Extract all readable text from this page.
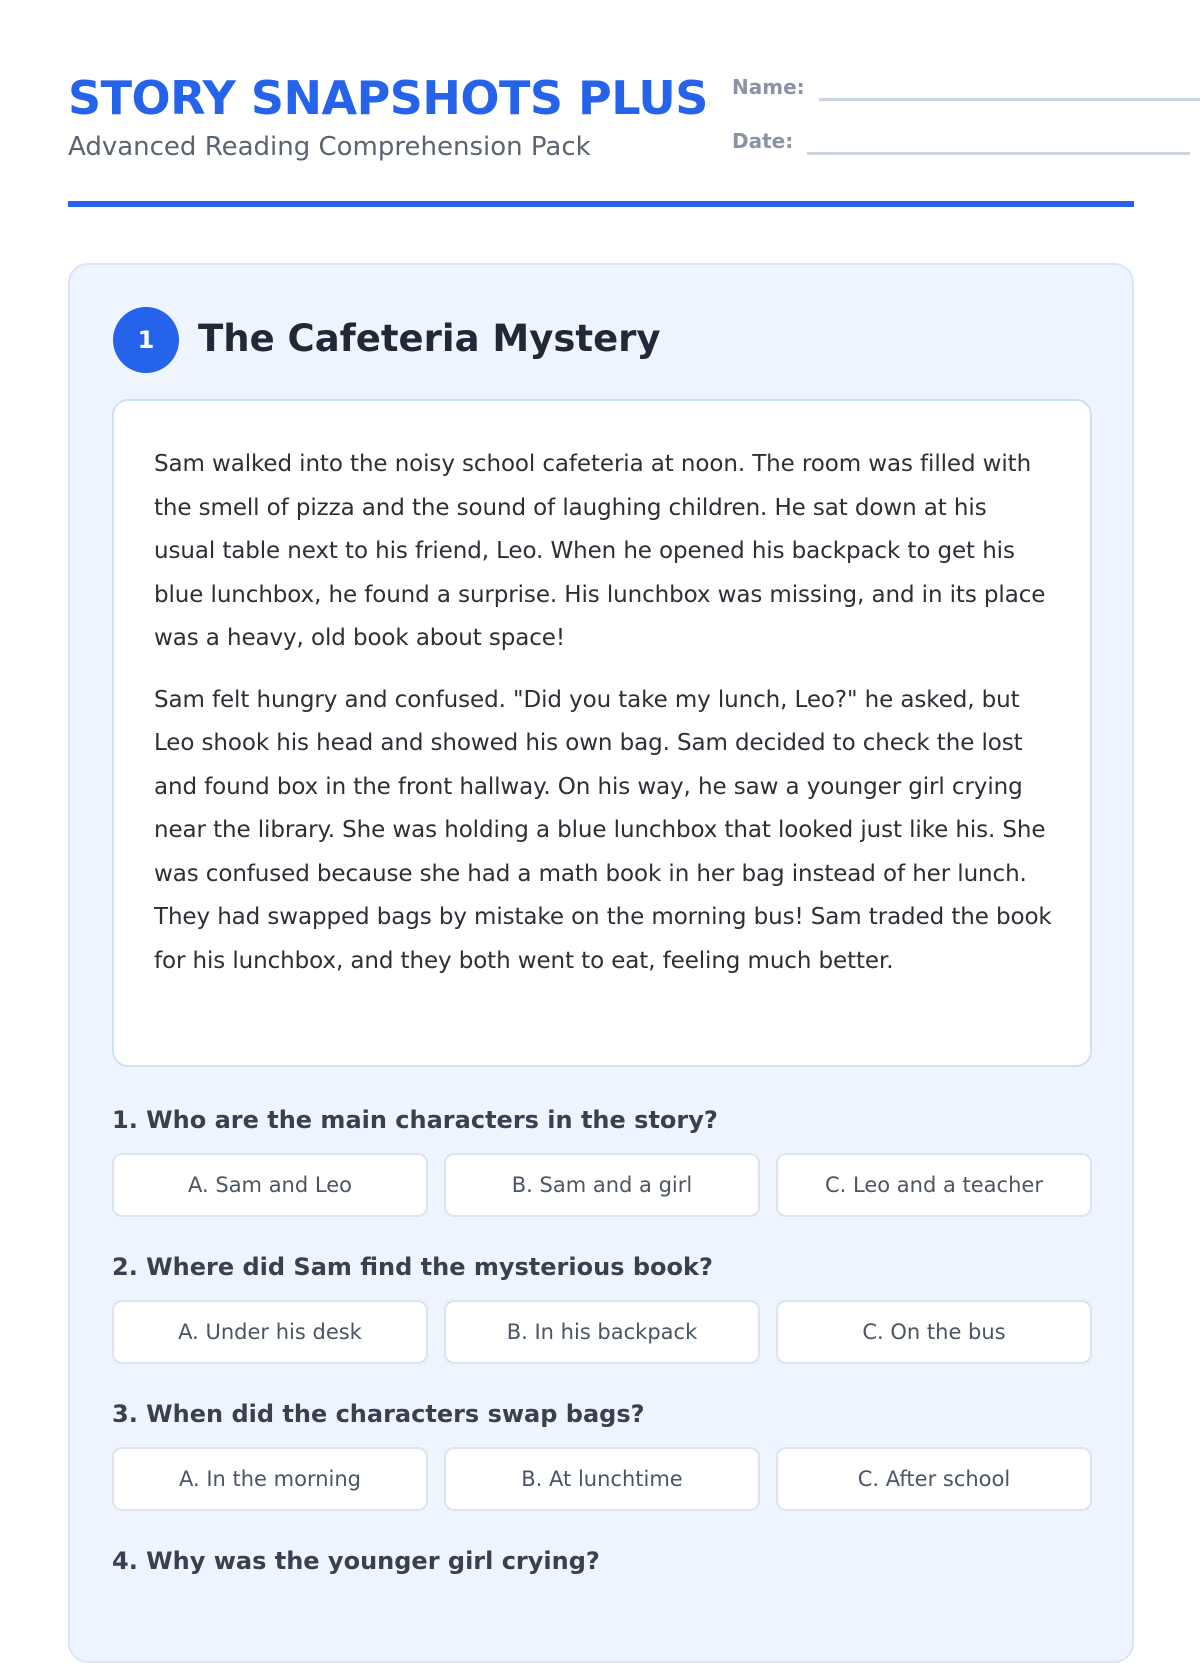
STORY SNAPSHOTS PLUS

Advanced Reading Comprehension Pack

Name:
Date:
1	The Cafeteria Mystery

Sam walked into the noisy school cafeteria at noon. The room was filled with the smell of pizza and the sound of laughing children. He sat down at his usual table next to his friend, Leo. When he opened his backpack to get his blue lunchbox, he found a surprise. His lunchbox was missing, and in its place was a heavy, old book about space!

Sam felt hungry and confused. "Did you take my lunch, Leo?" he asked, but Leo shook his head and showed his own bag. Sam decided to check the lost and found box in the front hallway. On his way, he saw a younger girl crying near the library. She was holding a blue lunchbox that looked just like his. She was confused because she had a math book in her bag instead of her lunch. They had swapped bags by mistake on the morning bus! Sam traded the book for his lunchbox, and they both went to eat, feeling much better.

1. Who are the main characters in the story?

A. Sam and Leo	B. Sam and a girl	C. Leo and a teacher

2. Where did Sam find the mysterious book?

A. Under his desk	B. In his backpack	C. On the bus

3. When did the characters swap bags?

A. In the morning	B. At lunchtime	C. After school

4. Why was the younger girl crying?
